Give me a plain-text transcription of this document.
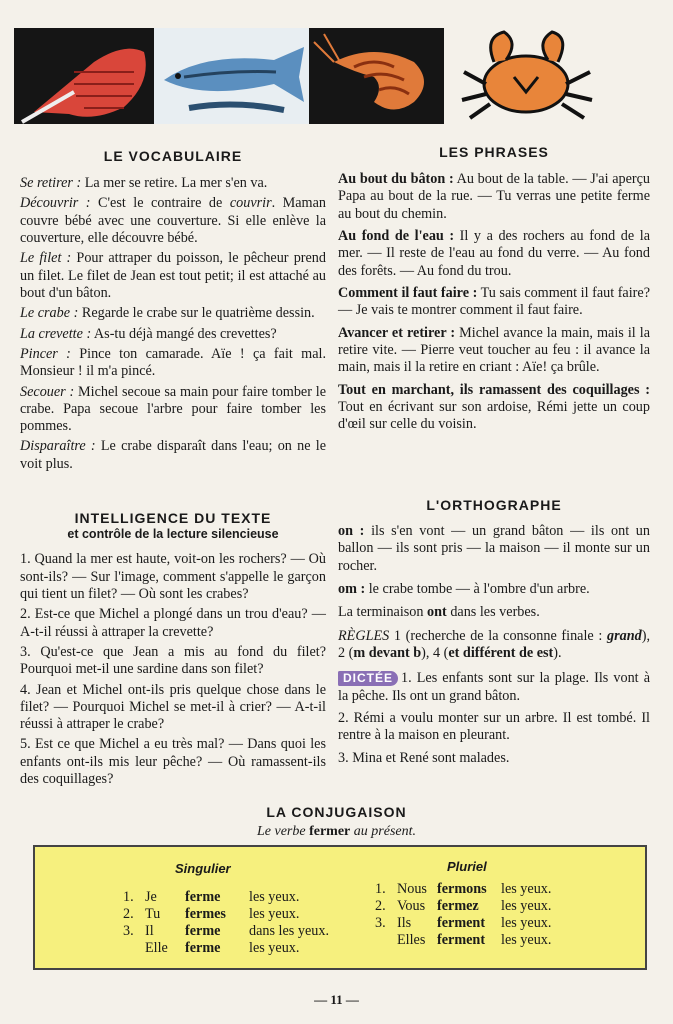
LE VOCABULAIRE

Se retirer : La mer se retire. La mer s'en va.

Découvrir : C'est le contraire de couvrir. Maman couvre bébé avec une couverture. Si elle enlève la couverture, elle découvre bébé.

Le filet : Pour attraper du poisson, le pêcheur prend un filet. Le filet de Jean est tout petit; il est attaché au bout d'un bâton.

Le crabe : Regarde le crabe sur le quatrième dessin.

La crevette : As-tu déjà mangé des crevettes?

Pincer : Pince ton camarade. Aïe ! ça fait mal. Monsieur ! il m'a pincé.

Secouer : Michel secoue sa main pour faire tomber le crabe. Papa secoue l'arbre pour faire tomber les pommes.

Disparaître : Le crabe disparaît dans l'eau; on ne le voit plus.

INTELLIGENCE DU TEXTE
et contrôle de la lecture silencieuse

1. Quand la mer est haute, voit-on les rochers? — Où sont-ils? — Sur l'image, comment s'appelle le garçon qui tient un filet? — Où sont les crabes?

2. Est-ce que Michel a plongé dans un trou d'eau? — A-t-il réussi à attraper la crevette?

3. Qu'est-ce que Jean a mis au fond du filet? Pourquoi met-il une sardine dans son filet?

4. Jean et Michel ont-ils pris quelque chose dans le filet? — Pourquoi Michel se met-il à crier? — A-t-il réussi à attraper le crabe?

5. Est ce que Michel a eu très mal? — Dans quoi les enfants ont-ils mis leur pêche? — Où ramassent-ils des coquillages?

LES PHRASES

Au bout du bâton : Au bout de la table. — J'ai aperçu Papa au bout de la rue. — Tu verras une petite ferme au bout du chemin.

Au fond de l'eau : Il y a des rochers au fond de la mer. — Il reste de l'eau au fond du verre. — Au fond des forêts. — Au fond du trou.

Comment il faut faire : Tu sais comment il faut faire? — Je vais te montrer comment il faut faire.

Avancer et retirer : Michel avance la main, mais il la retire vite. — Pierre veut toucher au feu : il avance la main, mais il la retire en criant : Aïe! ça brûle.

Tout en marchant, ils ramassent des coquillages : Tout en écrivant sur son ardoise, Rémi jette un coup d'œil sur celle du voisin.

L'ORTHOGRAPHE

on : ils s'en vont — un grand bâton — ils ont un ballon — ils sont pris — la maison — il monte sur un rocher.

om : le crabe tombe — à l'ombre d'un arbre.

La terminaison ont dans les verbes.

RÈGLES 1 (recherche de la consonne finale : grand), 2 (m devant b), 4 (et différent de est).

DICTÉE 1. Les enfants sont sur la plage. Ils vont à la pêche. Ils ont un grand bâton.

2. Rémi a voulu monter sur un arbre. Il est tombé. Il rentre à la maison en pleurant.

3. Mina et René sont malades.

LA CONJUGAISON
Le verbe fermer au présent.
Singulier	Pluriel
1. Je ferme les yeux.
2. Tu fermes les yeux.
3. Il ferme dans les yeux.
Elle ferme les yeux.
1. Nous fermons les yeux.
2. Vous fermez les yeux.
3. Ils ferment les yeux.
Elles ferment les yeux.
— 11 —
